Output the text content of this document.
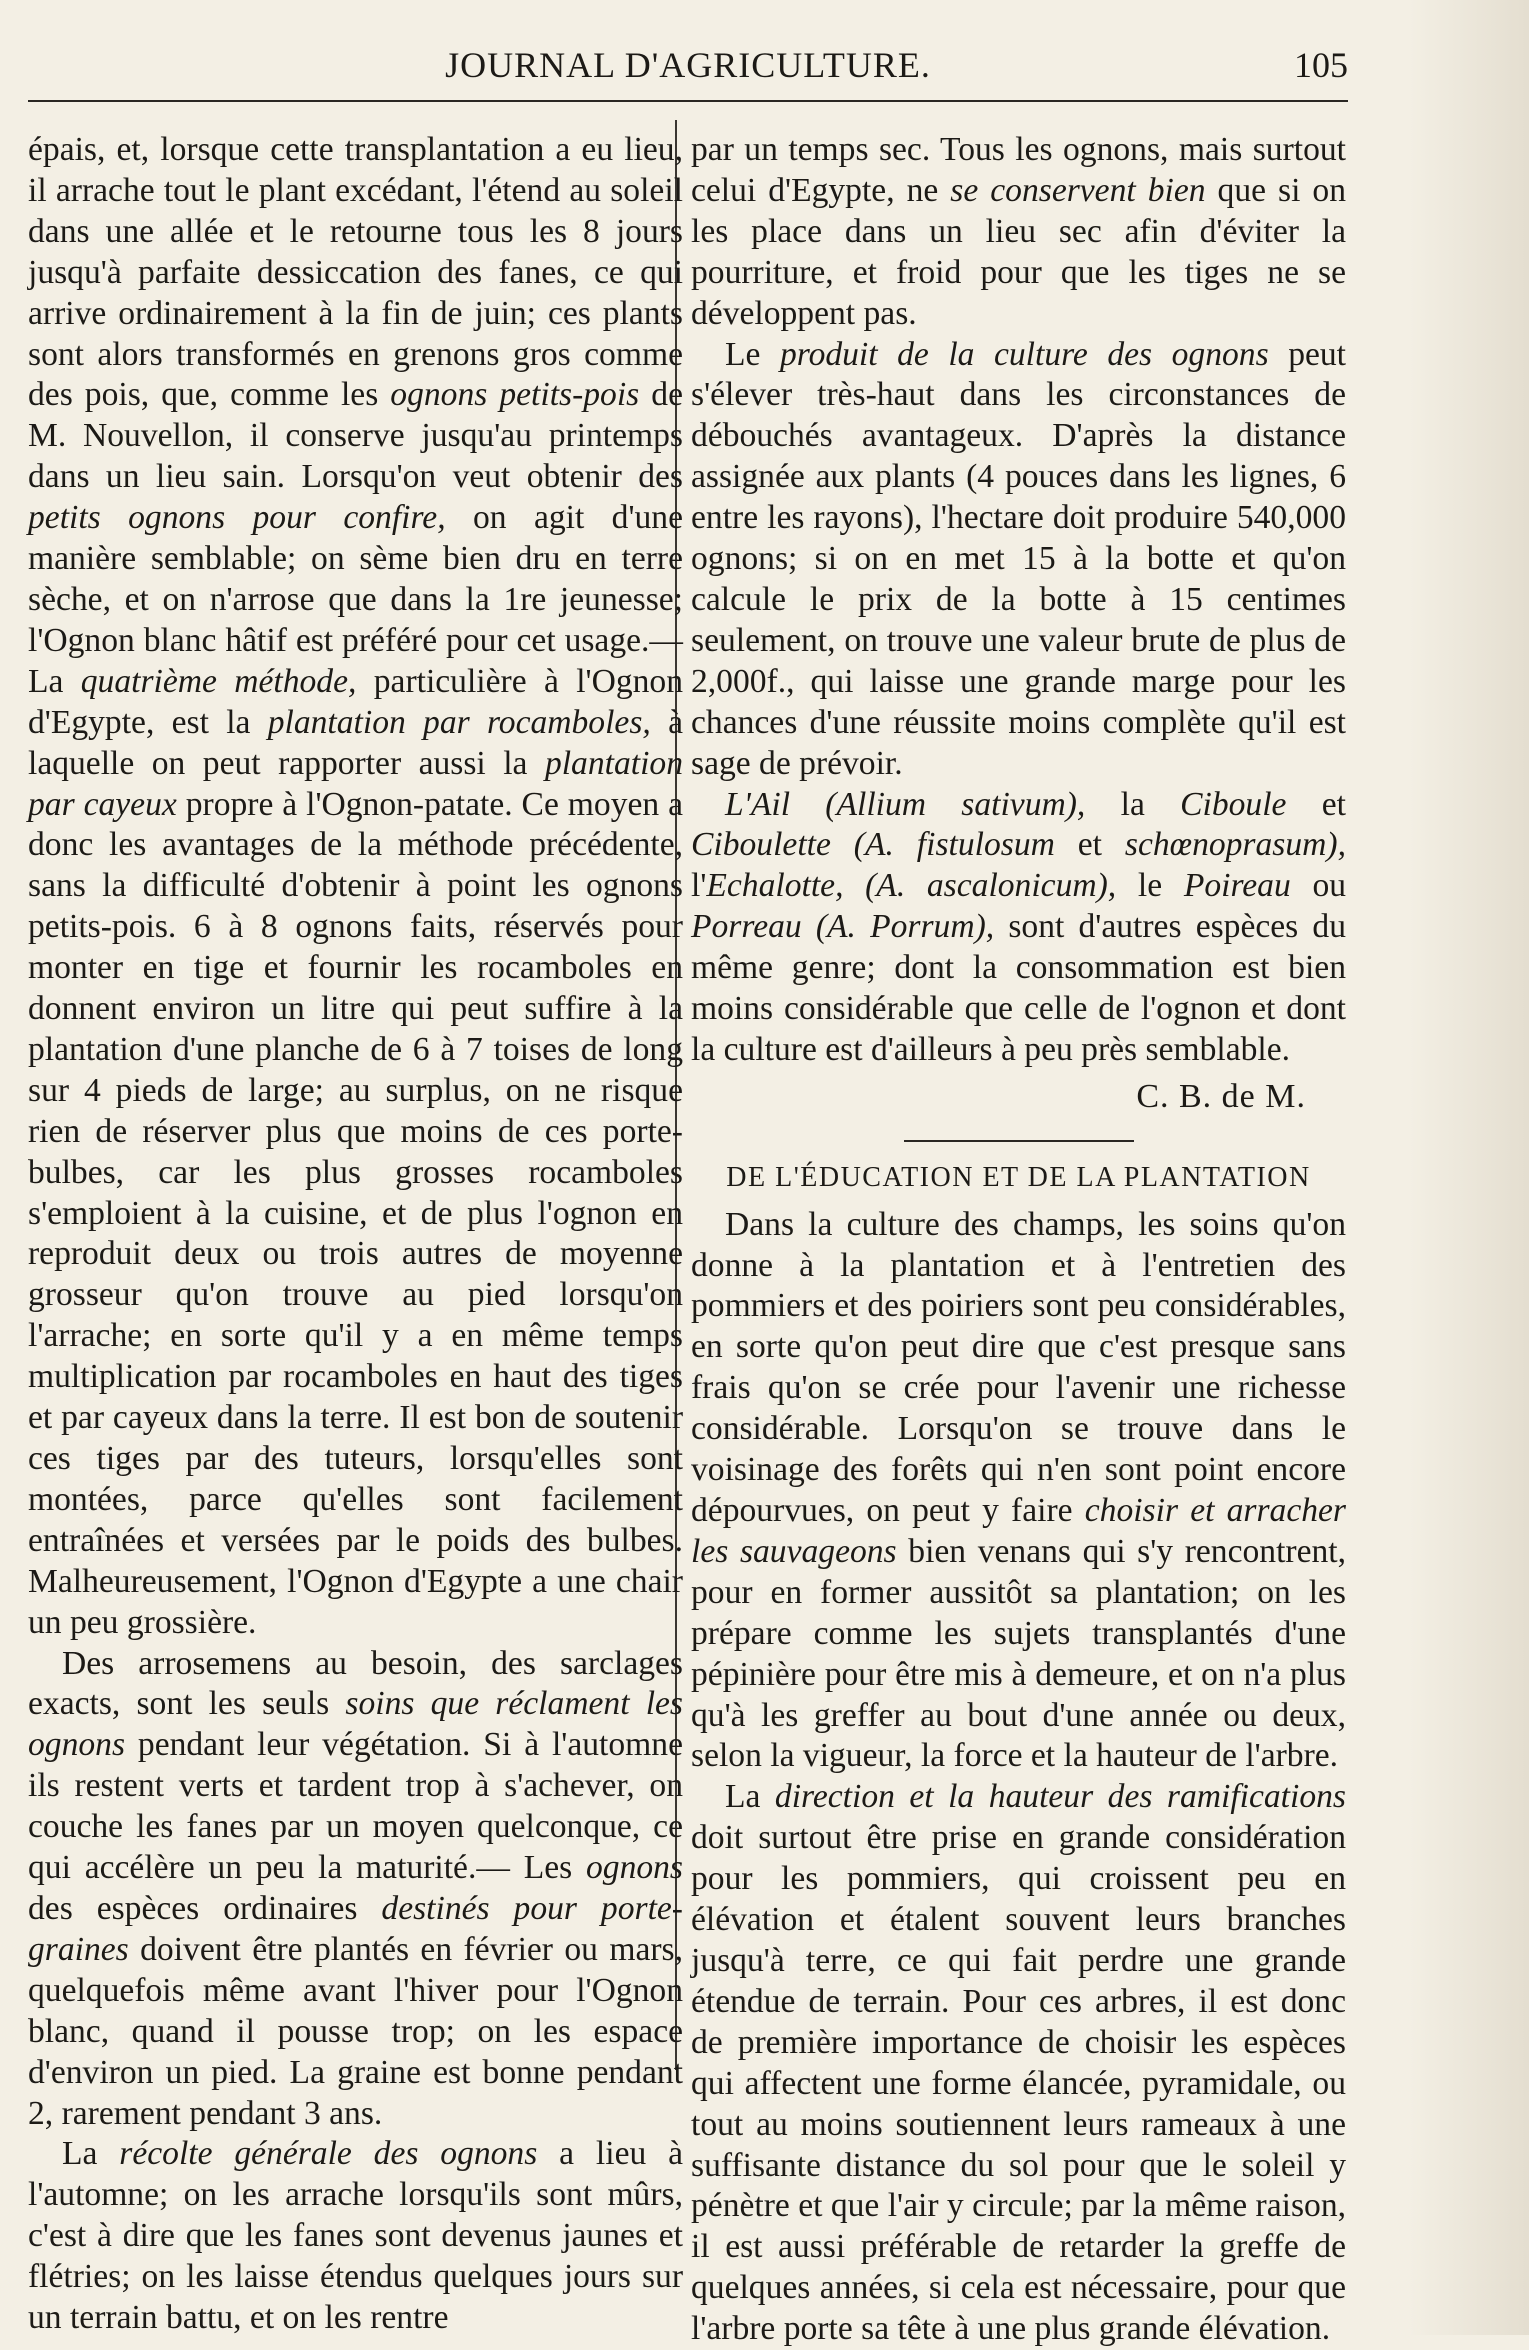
JOURNAL D'AGRICULTURE.	105

épais, et, lorsque cette transplantation a eu lieu, il arrache tout le plant excédant, l'étend au soleil dans une allée et le retourne tous les 8 jours jusqu'à parfaite dessiccation des fanes, ce qui arrive ordinairement à la fin de juin; ces plants sont alors transformés en grenons gros comme des pois, que, comme les ognons petits-pois de M. Nouvellon, il conserve jusqu'au printemps dans un lieu sain. Lorsqu'on veut obtenir des petits ognons pour confire, on agit d'une manière semblable; on sème bien dru en terre sèche, et on n'arrose que dans la 1re jeunesse; l'Ognon blanc hâtif est préféré pour cet usage.—La quatrième méthode, particulière à l'Ognon d'Egypte, est la plantation par rocamboles, à laquelle on peut rapporter aussi la plantation par cayeux propre à l'Ognon-patate. Ce moyen a donc les avantages de la méthode précédente, sans la difficulté d'obtenir à point les ognons petits-pois. 6 à 8 ognons faits, réservés pour monter en tige et fournir les rocamboles en donnent environ un litre qui peut suffire à la plantation d'une planche de 6 à 7 toises de long sur 4 pieds de large; au surplus, on ne risque rien de réserver plus que moins de ces porte-bulbes, car les plus grosses rocamboles s'emploient à la cuisine, et de plus l'ognon en reproduit deux ou trois autres de moyenne grosseur qu'on trouve au pied lorsqu'on l'arrache; en sorte qu'il y a en même temps multiplication par rocamboles en haut des tiges et par cayeux dans la terre. Il est bon de soutenir ces tiges par des tuteurs, lorsqu'elles sont montées, parce qu'elles sont facilement entraînées et versées par le poids des bulbes. Malheureusement, l'Ognon d'Egypte a une chair un peu grossière.

Des arrosemens au besoin, des sarclages exacts, sont les seuls soins que réclament les ognons pendant leur végétation. Si à l'automne ils restent verts et tardent trop à s'achever, on couche les fanes par un moyen quelconque, ce qui accélère un peu la maturité.— Les ognons des espèces ordinaires destinés pour porte-graines doivent être plantés en février ou mars, quelquefois même avant l'hiver pour l'Ognon blanc, quand il pousse trop; on les espace d'environ un pied. La graine est bonne pendant 2, rarement pendant 3 ans.

La récolte générale des ognons a lieu à l'automne; on les arrache lorsqu'ils sont mûrs, c'est à dire que les fanes sont devenus jaunes et flétries; on les laisse étendus quelques jours sur un terrain battu, et on les rentre

par un temps sec. Tous les ognons, mais surtout celui d'Egypte, ne se conservent bien que si on les place dans un lieu sec afin d'éviter la pourriture, et froid pour que les tiges ne se développent pas.

Le produit de la culture des ognons peut s'élever très-haut dans les circonstances de débouchés avantageux. D'après la distance assignée aux plants (4 pouces dans les lignes, 6 entre les rayons), l'hectare doit produire 540,000 ognons; si on en met 15 à la botte et qu'on calcule le prix de la botte à 15 centimes seulement, on trouve une valeur brute de plus de 2,000f., qui laisse une grande marge pour les chances d'une réussite moins complète qu'il est sage de prévoir.

L'Ail (Allium sativum), la Ciboule et Ciboulette (A. fistulosum et schœnoprasum), l'Echalotte, (A. ascalonicum), le Poireau ou Porreau (A. Porrum), sont d'autres espèces du même genre; dont la consommation est bien moins considérable que celle de l'ognon et dont la culture est d'ailleurs à peu près semblable.

C. B. de M.
DE L'ÉDUCATION ET DE LA PLANTATION

Dans la culture des champs, les soins qu'on donne à la plantation et à l'entretien des pommiers et des poiriers sont peu considérables, en sorte qu'on peut dire que c'est presque sans frais qu'on se crée pour l'avenir une richesse considérable. Lorsqu'on se trouve dans le voisinage des forêts qui n'en sont point encore dépourvues, on peut y faire choisir et arracher les sauvageons bien venans qui s'y rencontrent, pour en former aussitôt sa plantation; on les prépare comme les sujets transplantés d'une pépinière pour être mis à demeure, et on n'a plus qu'à les greffer au bout d'une année ou deux, selon la vigueur, la force et la hauteur de l'arbre.

La direction et la hauteur des ramifications doit surtout être prise en grande considération pour les pommiers, qui croissent peu en élévation et étalent souvent leurs branches jusqu'à terre, ce qui fait perdre une grande étendue de terrain. Pour ces arbres, il est donc de première importance de choisir les espèces qui affectent une forme élancée, pyramidale, ou tout au moins soutiennent leurs rameaux à une suffisante distance du sol pour que le soleil y pénètre et que l'air y circule; par la même raison, il est aussi préférable de retarder la greffe de quelques années, si cela est nécessaire, pour que l'arbre porte sa tête à une plus grande élévation.
